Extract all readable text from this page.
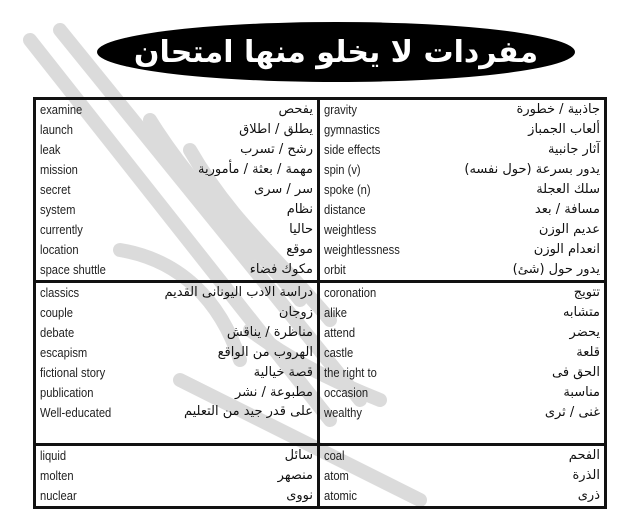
مفردات لا يخلو منها امتحان
examine	يفحص
launch	يطلق / اطلاق
leak	رشح / تسرب
mission	مهمة / بعثة / مأمورية
secret	سر / سرى
system	نظام
currently	حاليا
location	موقع
space shuttle	مكوك فضاء
gravity	جاذبية / خطورة
gymnastics	ألعاب الجمباز
side effects	آثار جانبية
spin (v)	يدور بسرعة (حول نفسه)
spoke (n)	سلك العجلة
distance	مسافة / بعد
weightless	عديم الوزن
weightlessness	انعدام الوزن
orbit	يدور حول (شئ)
classics	دراسة الادب اليونانى القديم
couple	زوجان
debate	مناظرة / يناقش
escapism	الهروب من الواقع
fictional story	قصة خيالية
publication	مطبوعة / نشر
Well-educated	على قدر جيد من التعليم
coronation	تتويج
alike	متشابه
attend	يحضر
castle	قلعة
the right to	الحق فى
occasion	مناسبة
wealthy	غنى / ثرى
liquid	سائل
molten	منصهر
nuclear	نووى
coal	الفحم
atom	الذرة
atomic	ذرى
